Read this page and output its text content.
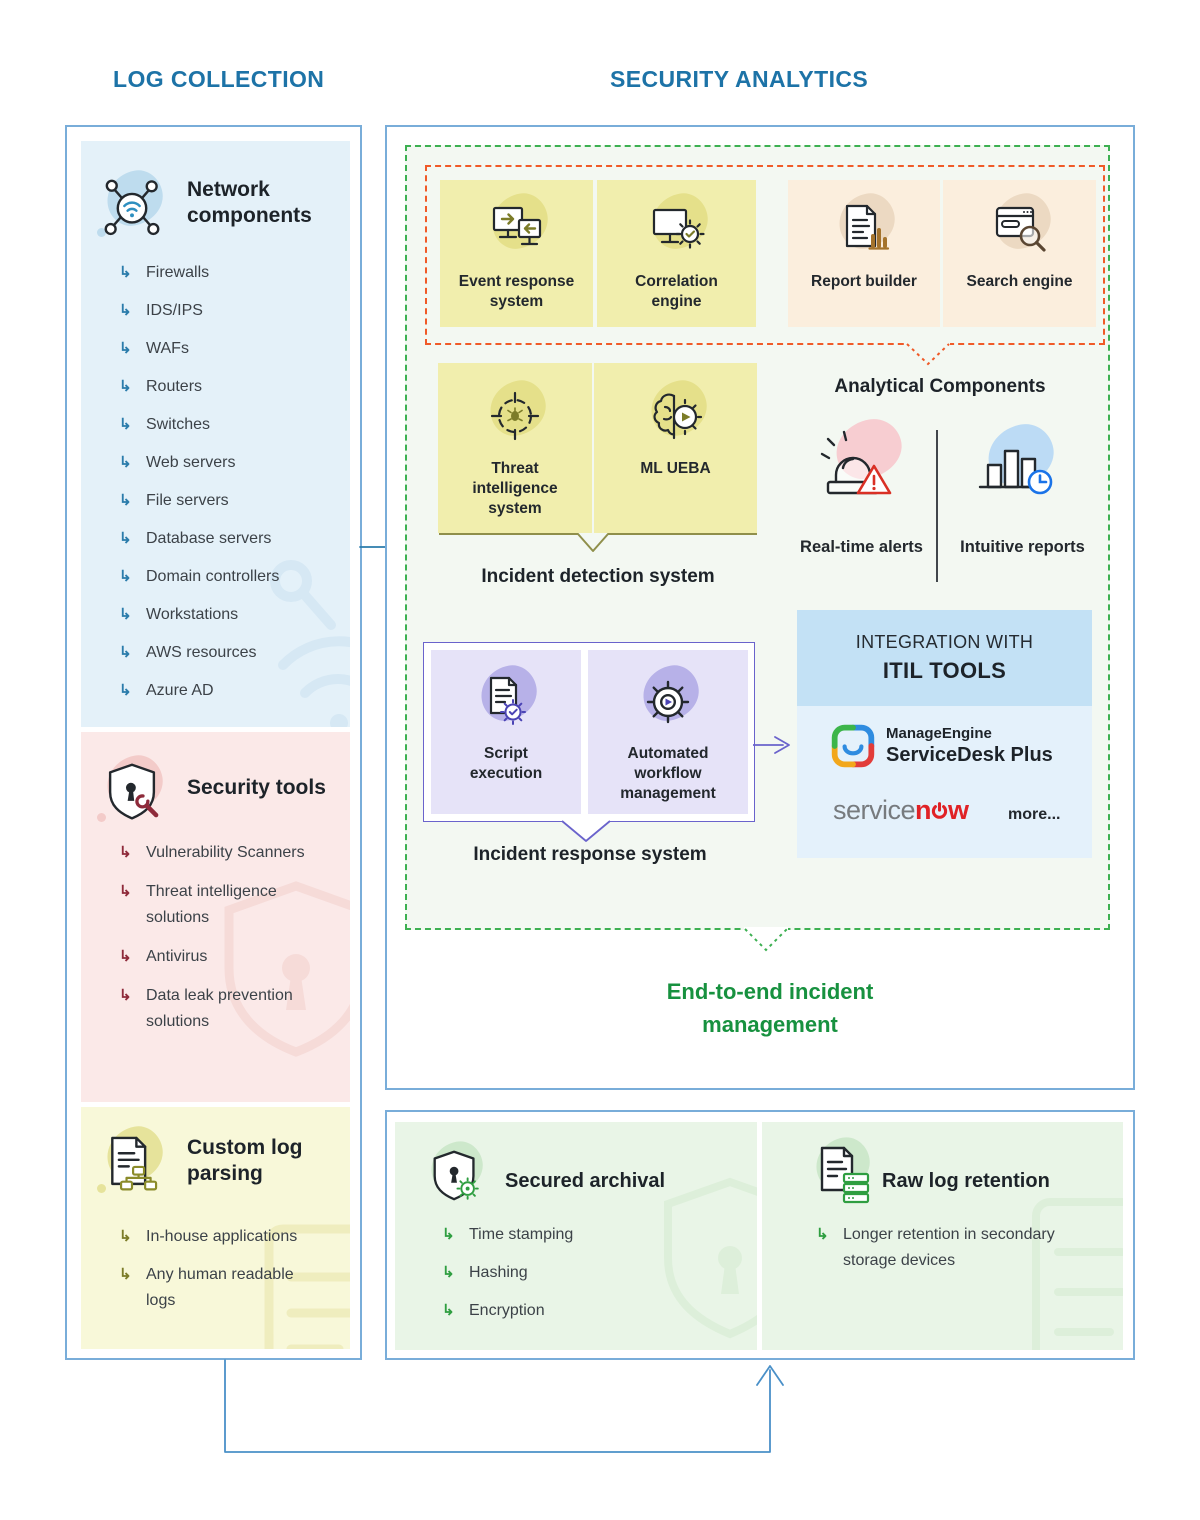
LOG COLLECTION	SECURITY ANALYTICS
Network components
↳ Firewalls
↳ IDS/IPS
↳ WAFs
↳ Routers
↳ Switches
↳ Web servers
↳ File servers
↳ Database servers
↳ Domain controllers
↳ Workstations
↳ AWS resources
↳ Azure AD
Security tools
↳ Vulnerability Scanners
↳ Threat intelligence solutions
↳ Antivirus
↳ Data leak prevention solutions
Custom log parsing
↳ In-house applications
↳ Any human readable logs
Event response system
Correlation engine
Report builder	Search engine
Threat intelligence system
ML UEBA
Incident detection system
Analytical Components
Real-time alerts	Intuitive reports
Script execution
Automated workflow management
Incident response system
INTEGRATION WITH
ITIL TOOLS
ManageEngine
ServiceDesk Plus
servicen w more...
End-to-end incident management
Secured archival
↳ Time stamping
↳ Hashing
↳ Encryption
Raw log retention
↳ Longer retention in secondary storage devices
